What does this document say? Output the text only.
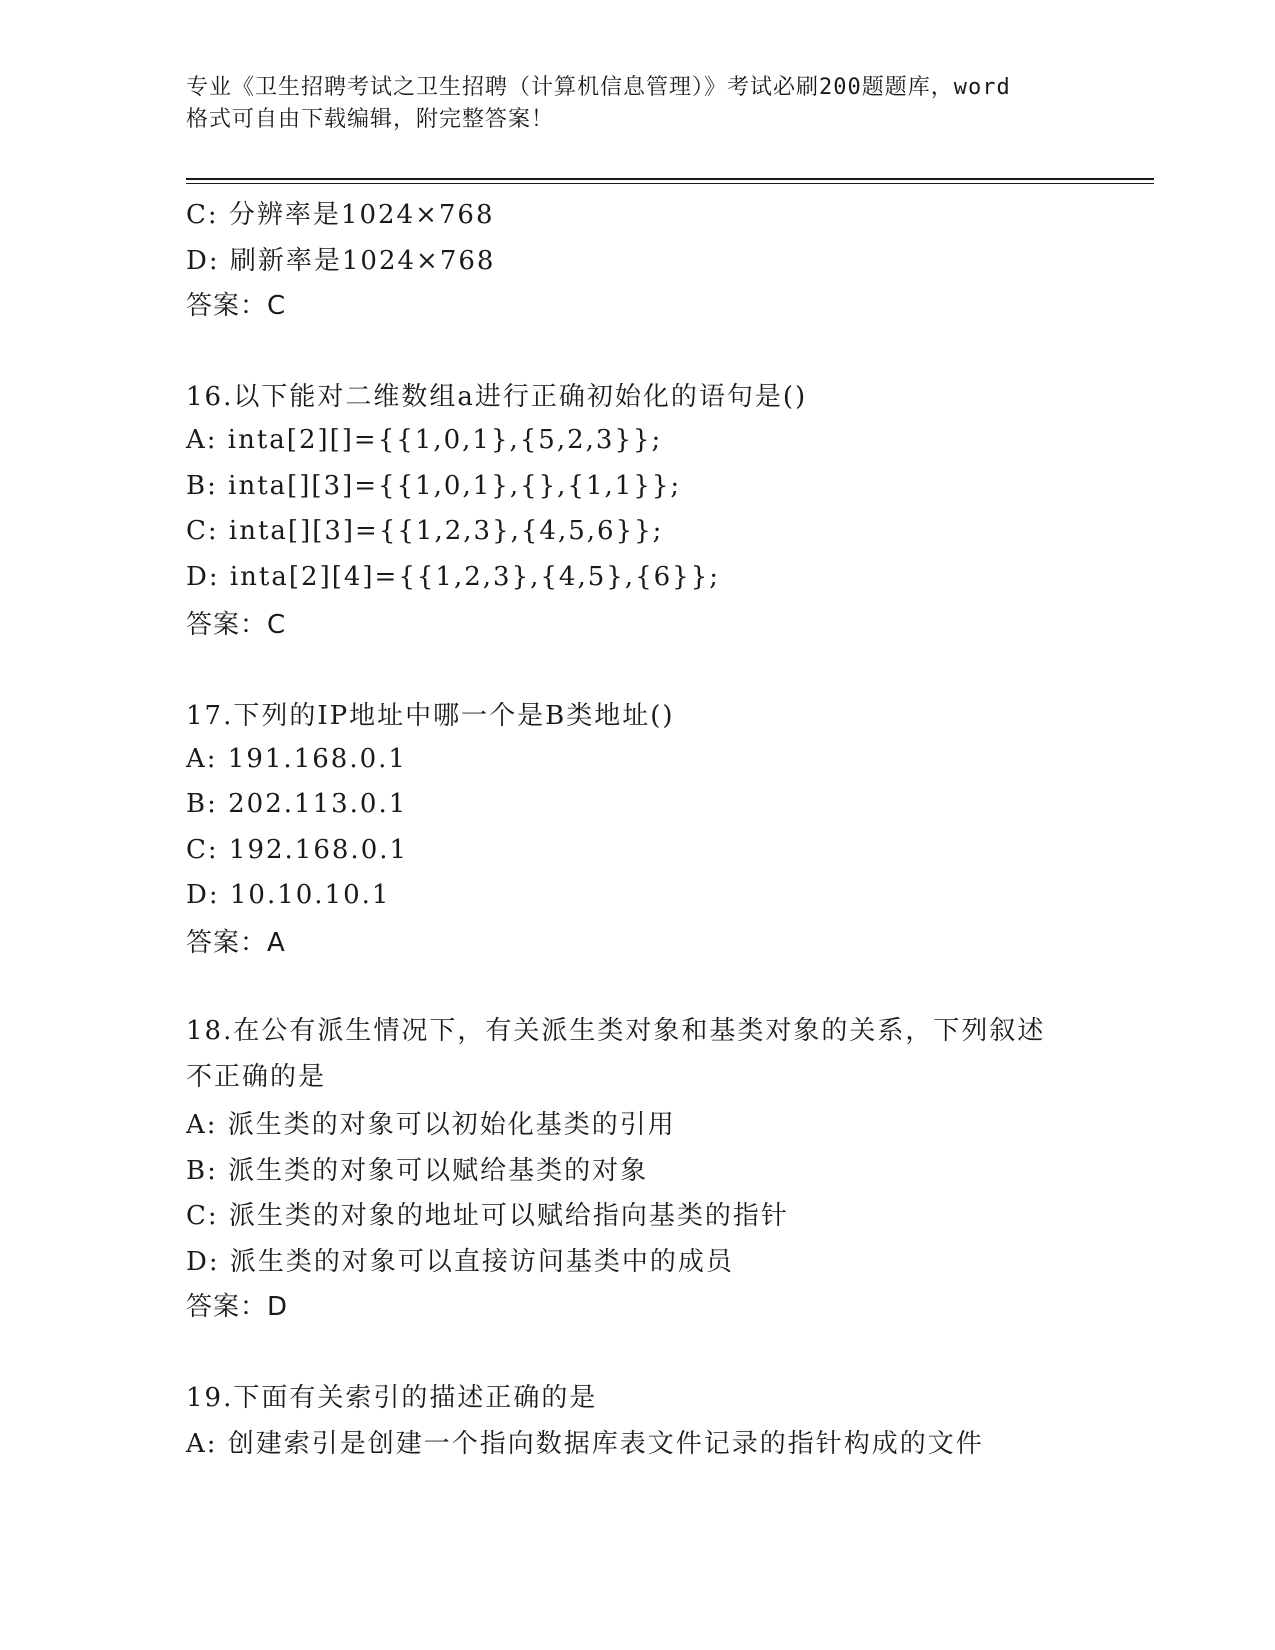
专业《卫生招聘考试之卫生招聘（计算机信息管理）》考试必刷200题题库，word
格式可自由下载编辑，附完整答案！
C: 分辨率是1024×768
D: 刷新率是1024×768
答案：C
16.以下能对二维数组a进行正确初始化的语句是()
A: inta[2][]={{1,0,1},{5,2,3}};
B: inta[][3]={{1,0,1},{},{1,1}};
C: inta[][3]={{1,2,3},{4,5,6}};
D: inta[2][4]={{1,2,3},{4,5},{6}};
答案：C
17.下列的IP地址中哪一个是B类地址()
A: 191.168.0.1
B: 202.113.0.1
C: 192.168.0.1
D: 10.10.10.1
答案：A
18.在公有派生情况下，有关派生类对象和基类对象的关系，下列叙述不正确的是
A: 派生类的对象可以初始化基类的引用
B: 派生类的对象可以赋给基类的对象
C: 派生类的对象的地址可以赋给指向基类的指针
D: 派生类的对象可以直接访问基类中的成员
答案：D
19.下面有关索引的描述正确的是
A: 创建索引是创建一个指向数据库表文件记录的指针构成的文件
